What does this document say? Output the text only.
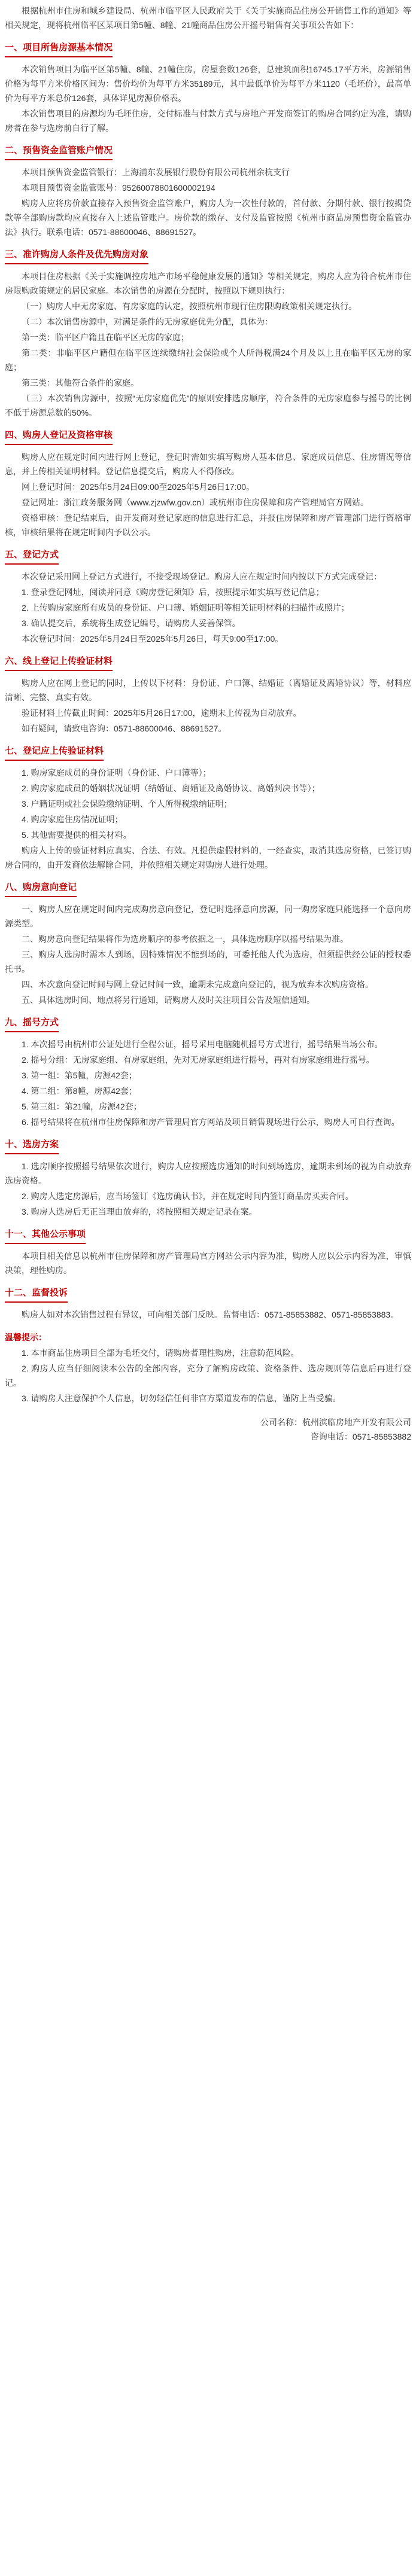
根据杭州市住房和城乡建设局、杭州市临平区人民政府关于《关于实施商品住房公开销售工作的通知》等相关规定，现将杭州临平区某项目第5幢、8幢、21幢商品住房公开摇号销售有关事项公告如下：

一、项目所售房源基本情况

本次销售项目为临平区第5幢、8幢、21幢住房，房屋套数126套，总建筑面积16745.17平方米，房源销售价格为每平方米价格区间为：售价均价为每平方米35189元，其中最低单价为每平方米1120（毛坯价），最高单价为每平方米总价126套，具体详见房源价格表。

本次销售项目的房源均为毛坯住房，交付标准与付款方式与房地产开发商签订的购房合同约定为准，请购房者在参与选房前自行了解。

二、预售资金监管账户情况

本项目预售资金监管银行：上海浦东发展银行股份有限公司杭州余杭支行

本项目预售资金监管账号：95260078801600002194

购房人应将房价款直接存入预售资金监管账户，购房人为一次性付款的，首付款、分期付款、银行按揭贷款等全部购房款均应直接存入上述监管账户。房价款的缴存、支付及监管按照《杭州市商品房预售资金监管办法》执行。联系电话：0571-88600046、88691527。

三、准许购房人条件及优先购房对象

本项目住房根据《关于实施调控房地产市场平稳健康发展的通知》等相关规定，购房人应为符合杭州市住房限购政策规定的居民家庭。本次销售的房源在分配时，按照以下规则执行：

（一）购房人中无房家庭、有房家庭的认定，按照杭州市现行住房限购政策相关规定执行。

（二）本次销售房源中，对满足条件的无房家庭优先分配，具体为：

第一类：临平区户籍且在临平区无房的家庭；

第二类：非临平区户籍但在临平区连续缴纳社会保险或个人所得税满24个月及以上且在临平区无房的家庭；

第三类：其他符合条件的家庭。

（三）本次销售房源中，按照“无房家庭优先”的原则安排选房顺序，符合条件的无房家庭参与摇号的比例不低于房源总数的50%。

四、购房人登记及资格审核

购房人应在规定时间内进行网上登记，登记时需如实填写购房人基本信息、家庭成员信息、住房情况等信息，并上传相关证明材料。登记信息提交后，购房人不得修改。

网上登记时间：2025年5月24日09:00至2025年5月26日17:00。

登记网址：浙江政务服务网（www.zjzwfw.gov.cn）或杭州市住房保障和房产管理局官方网站。

资格审核：登记结束后，由开发商对登记家庭的信息进行汇总，并报住房保障和房产管理部门进行资格审核，审核结果将在规定时间内予以公示。

五、登记方式

本次登记采用网上登记方式进行，不接受现场登记。购房人应在规定时间内按以下方式完成登记：

1. 登录登记网址，阅读并同意《购房登记须知》后，按照提示如实填写登记信息；

2. 上传购房家庭所有成员的身份证、户口簿、婚姻证明等相关证明材料的扫描件或照片；

3. 确认提交后，系统将生成登记编号，请购房人妥善保管。

本次登记时间：2025年5月24日至2025年5月26日，每天9:00至17:00。

六、线上登记上传验证材料

购房人应在网上登记的同时，上传以下材料：身份证、户口簿、结婚证（离婚证及离婚协议）等，材料应清晰、完整、真实有效。

验证材料上传截止时间：2025年5月26日17:00，逾期未上传视为自动放弃。

如有疑问，请致电咨询：0571-88600046、88691527。

七、登记应上传验证材料

1. 购房家庭成员的身份证明（身份证、户口簿等）；

2. 购房家庭成员的婚姻状况证明（结婚证、离婚证及离婚协议、离婚判决书等）；

3. 户籍证明或社会保险缴纳证明、个人所得税缴纳证明；

4. 购房家庭住房情况证明；

5. 其他需要提供的相关材料。

购房人上传的验证材料应真实、合法、有效。凡提供虚假材料的，一经查实，取消其选房资格，已签订购房合同的，由开发商依法解除合同，并依照相关规定对购房人进行处理。

八、购房意向登记

一、购房人应在规定时间内完成购房意向登记，登记时选择意向房源，同一购房家庭只能选择一个意向房源类型。

二、购房意向登记结果将作为选房顺序的参考依据之一，具体选房顺序以摇号结果为准。

三、购房人选房时需本人到场，因特殊情况不能到场的，可委托他人代为选房，但须提供经公证的授权委托书。

四、本次意向登记时间与网上登记时间一致，逾期未完成意向登记的，视为放弃本次购房资格。

五、具体选房时间、地点将另行通知，请购房人及时关注项目公告及短信通知。

九、摇号方式

1. 本次摇号由杭州市公证处进行全程公证，摇号采用电脑随机摇号方式进行，摇号结果当场公布。

2. 摇号分组：无房家庭组、有房家庭组，先对无房家庭组进行摇号，再对有房家庭组进行摇号。

3. 第一组：第5幢，房源42套；

4. 第二组：第8幢，房源42套；

5. 第三组：第21幢，房源42套；

6. 摇号结果将在杭州市住房保障和房产管理局官方网站及项目销售现场进行公示，购房人可自行查询。

十、选房方案

1. 选房顺序按照摇号结果依次进行，购房人应按照选房通知的时间到场选房，逾期未到场的视为自动放弃选房资格。

2. 购房人选定房源后，应当场签订《选房确认书》，并在规定时间内签订商品房买卖合同。

3. 购房人选房后无正当理由放弃的，将按照相关规定记录在案。

十一、其他公示事项

本项目相关信息以杭州市住房保障和房产管理局官方网站公示内容为准，购房人应以公示内容为准，审慎决策，理性购房。

十二、监督投诉

购房人如对本次销售过程有异议，可向相关部门反映。监督电话：0571-85853882、0571-85853883。

温馨提示：

1. 本市商品住房项目全部为毛坯交付，请购房者理性购房，注意防范风险。

2. 购房人应当仔细阅读本公告的全部内容，充分了解购房政策、资格条件、选房规则等信息后再进行登记。

3. 请购房人注意保护个人信息，切勿轻信任何非官方渠道发布的信息，谨防上当受骗。

公司名称：杭州滨临房地产开发有限公司
咨询电话：0571-85853882
